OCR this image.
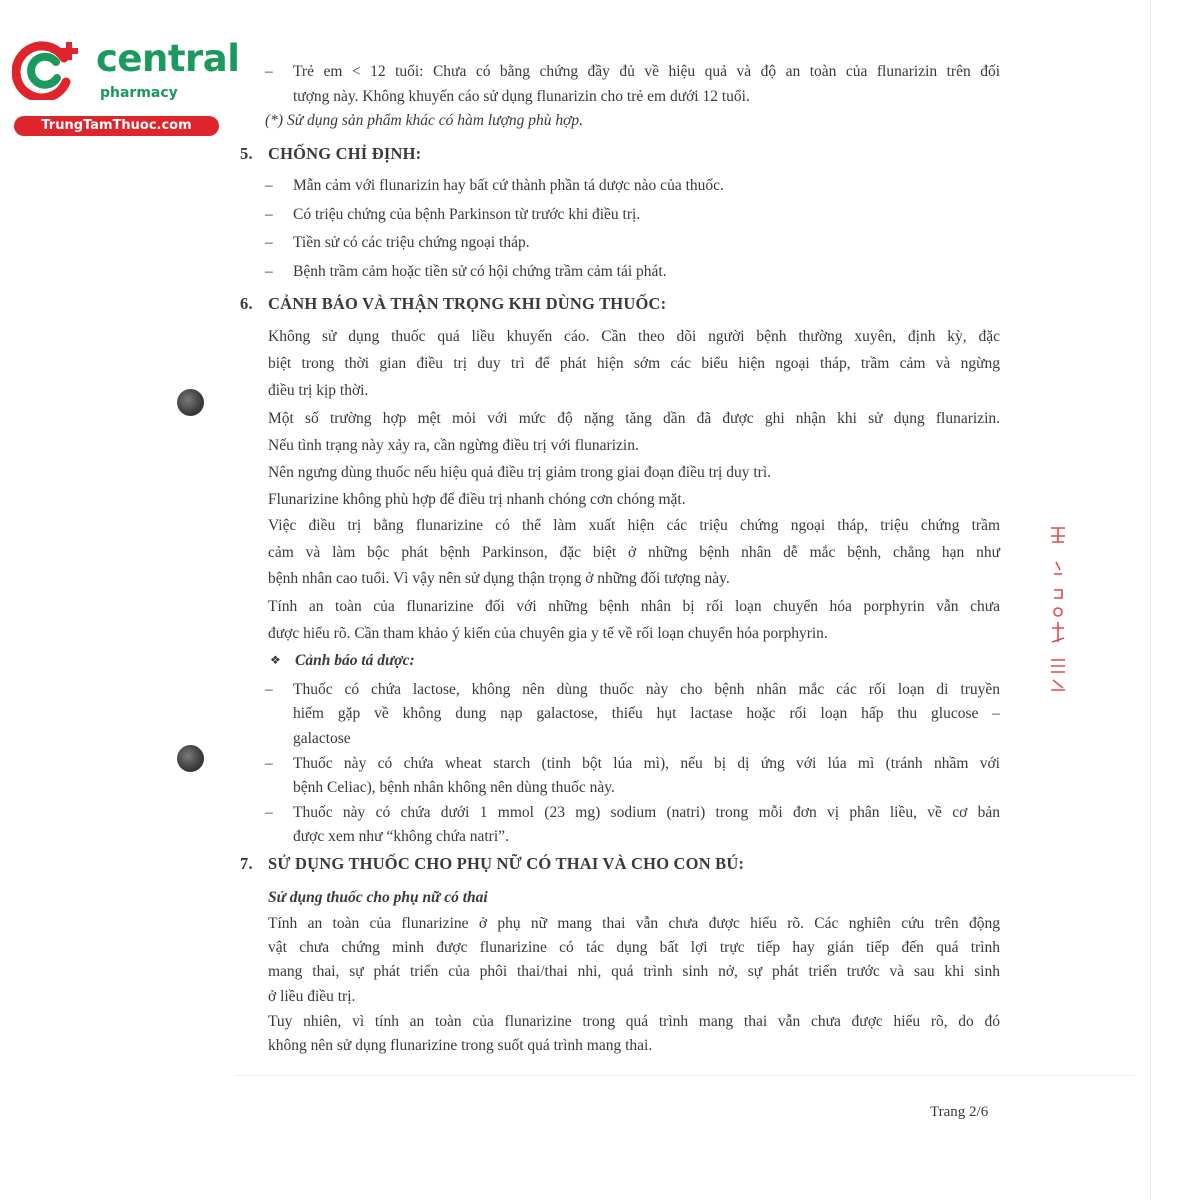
central
pharmacy
TrungTamThuoc.com
– Trẻ em < 12 tuổi: Chưa có bằng chứng đầy đủ về hiệu quả và độ an toàn của flunarizin trên đối
tượng này. Không khuyến cáo sử dụng flunarizin cho trẻ em dưới 12 tuổi.
(*) Sử dụng sản phẩm khác có hàm lượng phù hợp.
5. CHỐNG CHỈ ĐỊNH:
– Mẫn cảm với flunarizin hay bất cứ thành phần tá dược nào của thuốc.
– Có triệu chứng của bệnh Parkinson từ trước khi điều trị.
– Tiền sử có các triệu chứng ngoại tháp.
– Bệnh trầm cảm hoặc tiền sử có hội chứng trầm cảm tái phát.
6. CẢNH BÁO VÀ THẬN TRỌNG KHI DÙNG THUỐC:
Không sử dụng thuốc quá liều khuyến cáo. Cần theo dõi người bệnh thường xuyên, định kỳ, đặc
biệt trong thời gian điều trị duy trì để phát hiện sớm các biểu hiện ngoại tháp, trầm cảm và ngừng
điều trị kịp thời.
Một số trường hợp mệt mỏi với mức độ nặng tăng dần đã được ghi nhận khi sử dụng flunarizin.
Nếu tình trạng này xảy ra, cần ngừng điều trị với flunarizin.
Nên ngưng dùng thuốc nếu hiệu quả điều trị giảm trong giai đoạn điều trị duy trì.
Flunarizine không phù hợp để điều trị nhanh chóng cơn chóng mặt.
Việc điều trị bằng flunarizine có thể làm xuất hiện các triệu chứng ngoại tháp, triệu chứng trầm
cảm và làm bộc phát bệnh Parkinson, đặc biệt ở những bệnh nhân dễ mắc bệnh, chẳng hạn như
bệnh nhân cao tuổi. Vì vậy nên sử dụng thận trọng ở những đối tượng này.
Tính an toàn của flunarizine đối với những bệnh nhân bị rối loạn chuyển hóa porphyrin vẫn chưa
được hiểu rõ. Cần tham khảo ý kiến của chuyên gia y tế về rối loạn chuyển hóa porphyrin.
❖ Cảnh báo tá dược:
– Thuốc có chứa lactose, không nên dùng thuốc này cho bệnh nhân mắc các rối loạn di truyền
hiếm gặp về không dung nạp galactose, thiếu hụt lactase hoặc rối loạn hấp thu glucose –
galactose
– Thuốc này có chứa wheat starch (tinh bột lúa mì), nếu bị dị ứng với lúa mì (tránh nhầm với
bệnh Celiac), bệnh nhân không nên dùng thuốc này.
– Thuốc này có chứa dưới 1 mmol (23 mg) sodium (natri) trong mỗi đơn vị phân liều, về cơ bản
được xem như “không chứa natri”.
7. SỬ DỤNG THUỐC CHO PHỤ NỮ CÓ THAI VÀ CHO CON BÚ:
Sử dụng thuốc cho phụ nữ có thai
Tính an toàn của flunarizine ở phụ nữ mang thai vẫn chưa được hiểu rõ. Các nghiên cứu trên động
vật chưa chứng minh được flunarizine có tác dụng bất lợi trực tiếp hay gián tiếp đến quá trình
mang thai, sự phát triển của phôi thai/thai nhi, quá trình sinh nở, sự phát triển trước và sau khi sinh
ở liều điều trị.
Tuy nhiên, vì tính an toàn của flunarizine trong quá trình mang thai vẫn chưa được hiểu rõ, do đó
không nên sử dụng flunarizine trong suốt quá trình mang thai.
Trang 2/6
